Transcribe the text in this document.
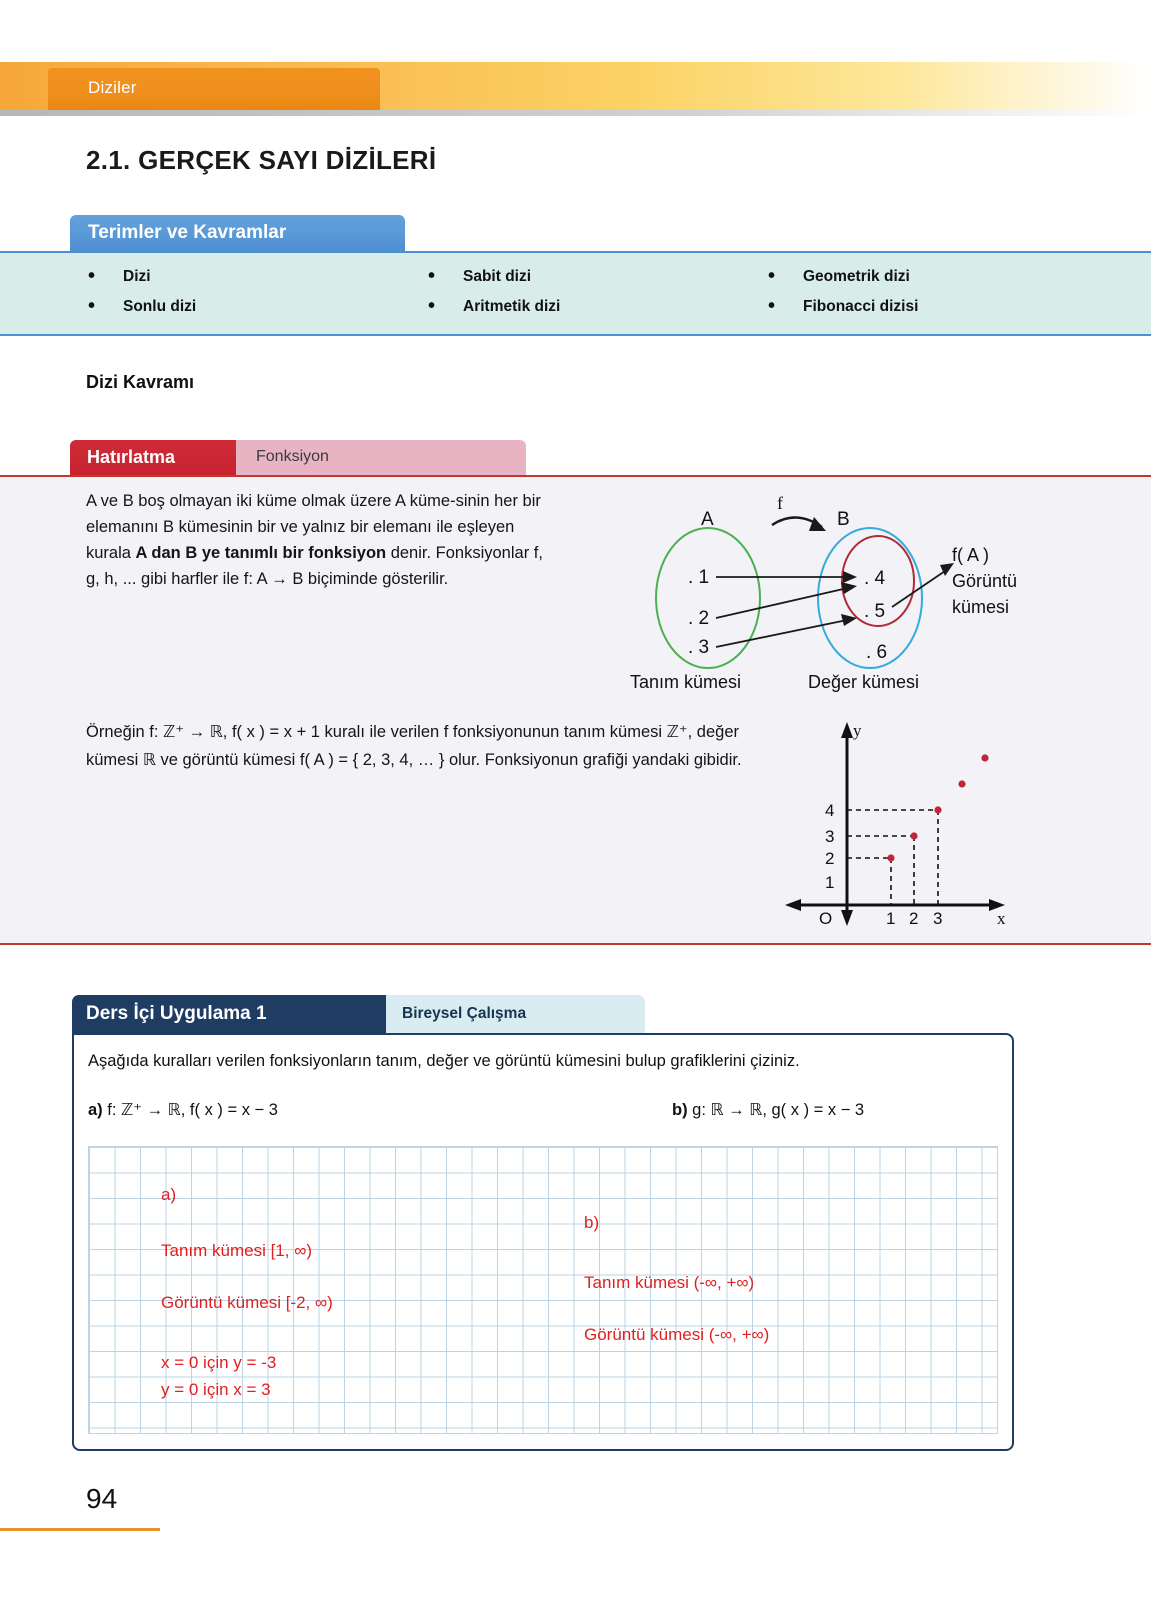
Diziler
2.1. GERÇEK SAYI DİZİLERİ
Terimler ve Kavramlar
• Dizi
• Sonlu dizi
• Sabit dizi
• Aritmetik dizi
• Geometrik dizi
• Fibonacci dizisi
Dizi Kavramı
Hatırlatma	Fonksiyon
A ve B boş olmayan iki küme olmak üzere A küme-sinin her bir elemanını B kümesinin bir ve yalnız bir elemanı ile eşleyen kurala A dan B ye tanımlı bir fonksiyon denir. Fonksiyonlar f, g, h, ... gibi harfler ile f: A → B biçiminde gösterilir.
A	B
f
. 1
. 2
. 3
. 4
. 5
. 6
f( A )
Görüntü
kümesi
Tanım kümesi	Değer kümesi
Örneğin f: ℤ⁺ → ℝ, f( x ) = x + 1 kuralı ile verilen f fonksiyonunun tanım kümesi ℤ⁺, değer kümesi ℝ ve görüntü kümesi f( A ) = { 2, 3, 4, … } olur. Fonksiyonun grafiği yandaki gibidir.
2
3
4
1
1 2 3
O
y
x
Ders İçi Uygulama 1	Bireysel Çalışma
Aşağıda kuralları verilen fonksiyonların tanım, değer ve görüntü kümesini bulup grafiklerini çiziniz.
a) f: ℤ⁺ → ℝ, f( x ) = x − 3	b) g: ℝ → ℝ, g( x ) = x − 3
a)
Tanım kümesi [1, ∞)
Görüntü kümesi [-2, ∞)
x = 0 için y = -3
y = 0 için x = 3
b)
Tanım kümesi (-∞, +∞)
Görüntü kümesi (-∞, +∞)
94
